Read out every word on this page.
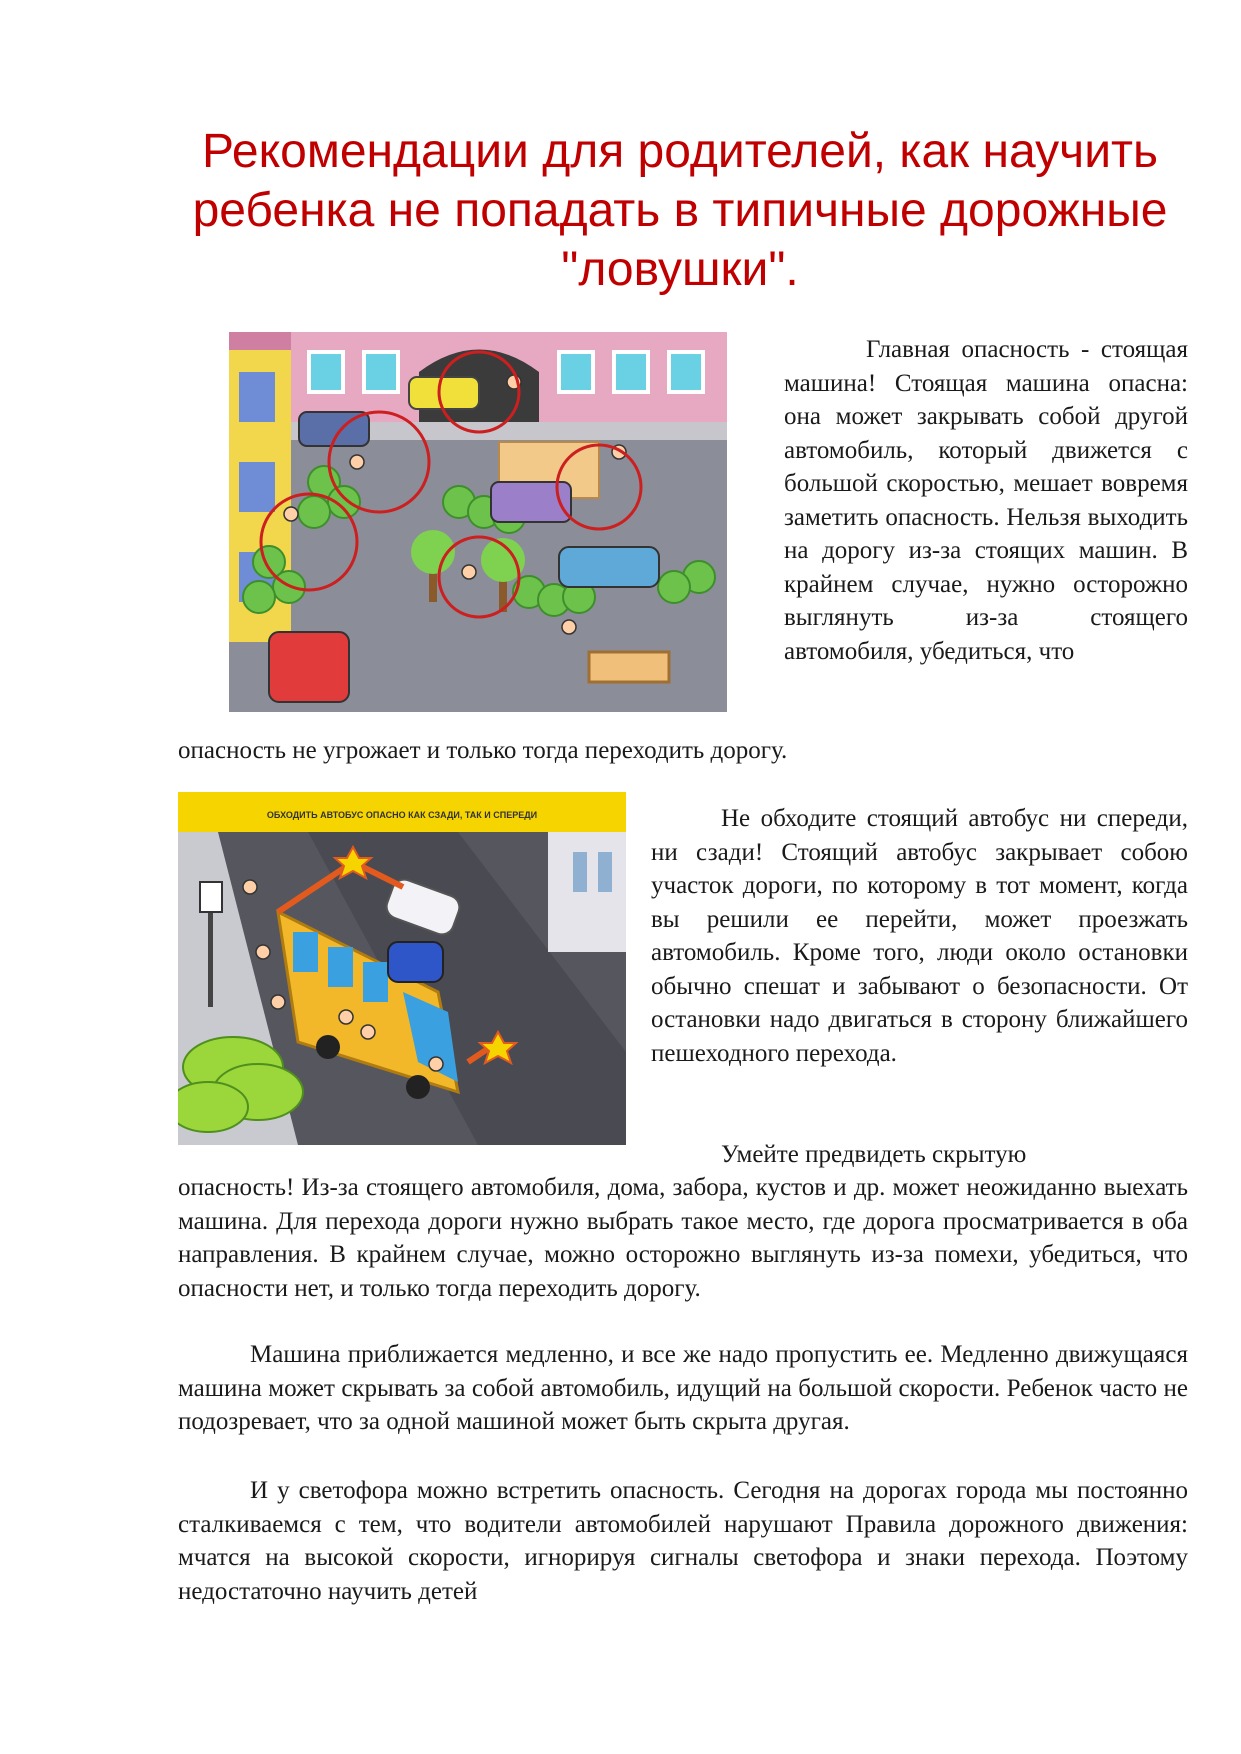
Рекомендации для родителей, как научить ребенка не попадать в типичные дорожные "ловушки".

Главная опасность - стоящая машина! Стоящая машина опасна: она может закрывать собой другой автомобиль, который движется с большой скоростью, мешает вовремя заметить опасность. Нельзя выходить на дорогу из-за стоящих машин. В крайнем случае, нужно осторожно выглянуть из-за стоящего автомобиля, убедиться, что

опасность не угрожает и только тогда переходить дорогу.

ОБХОДИТЬ АВТОБУС ОПАСНО КАК СЗАДИ, ТАК И СПЕРЕДИ	Не обходите стоящий автобус ни спереди, ни сзади! Стоящий автобус закрывает собою участок дороги, по которому в тот момент, когда вы решили ее перейти, может проезжать автомобиль. Кроме того, люди около остановки обычно спешат и забывают о безопасности. От остановки надо двигаться в сторону ближайшего пешеходного перехода.

Умейте предвидеть скрытую

опасность! Из-за стоящего автомобиля, дома, забора, кустов и др. может неожиданно выехать машина. Для перехода дороги нужно выбрать такое место, где дорога просматривается в оба направления. В крайнем случае, можно осторожно выглянуть из-за помехи, убедиться, что опасности нет, и только тогда переходить дорогу.

Машина приближается медленно, и все же надо пропустить ее. Медленно движущаяся машина может скрывать за собой автомобиль, идущий на большой скорости. Ребенок часто не подозревает, что за одной машиной может быть скрыта другая.

И у светофора можно встретить опасность. Сегодня на дорогах города мы постоянно сталкиваемся с тем, что водители автомобилей нарушают Правила дорожного движения: мчатся на высокой скорости, игнорируя сигналы светофора и знаки перехода. Поэтому недостаточно научить детей
